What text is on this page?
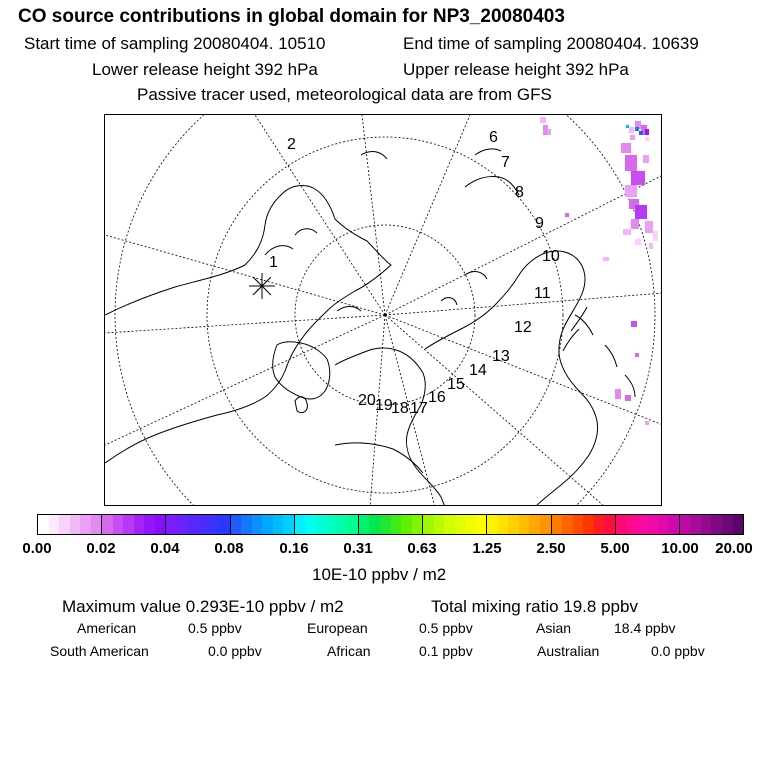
CO source contributions in global domain for NP3_20080403
Start time of sampling 20080404. 10510	End time of sampling 20080404. 10639
Lower release height 392 hPa	Upper release height 392 hPa
Passive tracer used, meteorological data are from GFS
1
2	6
7
8
9
10
11
12
13
14
15
16
17
18
19
20
0.00 0.02 0.04 0.08 0.16 0.31 0.63 1.25 2.50 5.00 10.00 20.00
10E-10 ppbv / m2
Maximum value 0.293E-10 ppbv / m2	Total mixing ratio 19.8 ppbv
American	0.5 ppbv	European	0.5 ppbv	Asian	18.4 ppbv
South American	0.0 ppbv	African	0.1 ppbv	Australian	0.0 ppbv
